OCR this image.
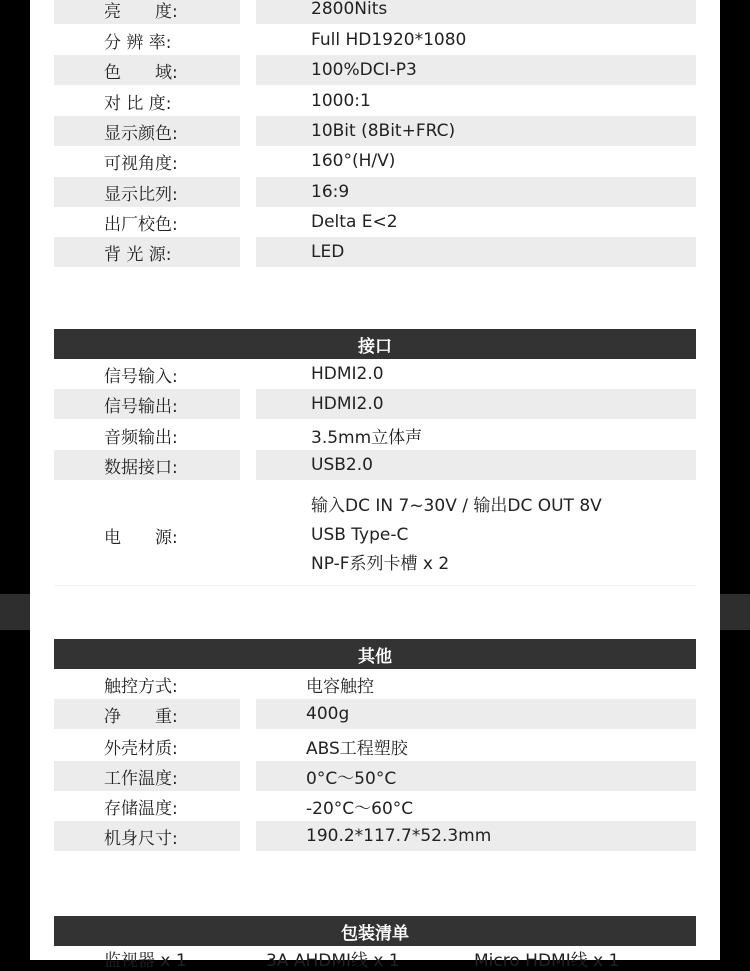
亮　　度:	2800Nits
分 辨 率:	Full HD1920*1080
色　　域:	100%DCI-P3
对 比 度:	1000:1
显示颜色:	10Bit (8Bit+FRC)
可视角度:	160°(H/V)
显示比列:	16:9
出厂校色:	Delta E<2
背 光 源:	LED
接口
信号输入:	HDMI2.0
信号输出:	HDMI2.0
音频输出:	3.5mm立体声
数据接口:	USB2.0
电　　源:
输入DC IN 7~30V / 输出DC OUT 8V
USB Type-C
NP-F系列卡槽 x 2
其他
触控方式:	电容触控
净　　重:	400g
外壳材质:	ABS工程塑胶
工作温度:	0°C～50°C
存储温度:	-20°C～60°C
机身尺寸:	190.2*117.7*52.3mm
包装清单
监视器 x 1	3A AHDMI线 x 1	Micro HDMI线 x 1
